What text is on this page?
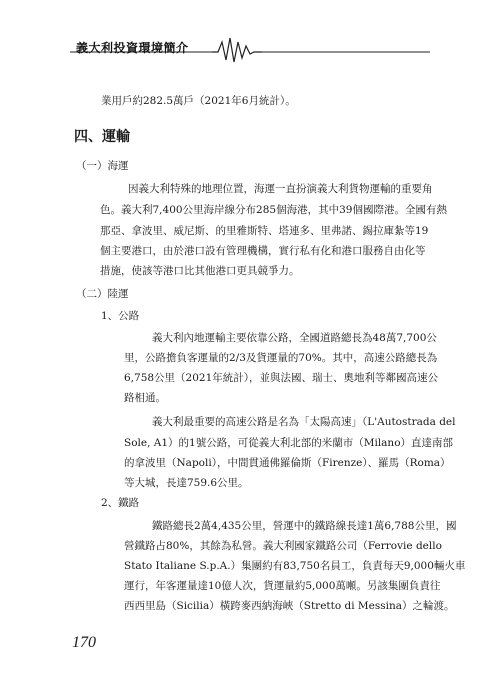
義大利投資環境簡介
業用戶約282.5萬戶（2021年6月統計）。
四、運輸
（一）海運
因義大利特殊的地理位置，海運一直扮演義大利貨物運輸的重要角
色。義大利7,400公里海岸線分布285個海港，其中39個國際港。全國有熱
那亞、拿波里、威尼斯、的里雅斯特、塔連多、里弗諾、錫拉庫紮等19
個主要港口，由於港口設有管理機構，實行私有化和港口服務自由化等
措施，使該等港口比其他港口更具競爭力。
（二）陸運
1、公路
義大利內地運輸主要依靠公路，全國道路總長為48萬7,700公
里，公路擔負客運量的2/3及貨運量的70%。其中，高速公路總長為
6,758公里（2021年統計），並與法國、瑞士、奧地利等鄰國高速公
路相通。
義大利最重要的高速公路是名為「太陽高速」（L'Autostrada del
Sole, A1）的1號公路，可從義大利北部的米蘭市（Milano）直達南部
的拿波里（Napoli），中間貫通佛羅倫斯（Firenze）、羅馬（Roma）
等大城，長達759.6公里。
2、鐵路
鐵路總長2萬4,435公里，營運中的鐵路線長達1萬6,788公里，國
營鐵路占80%，其餘為私營。義大利國家鐵路公司（Ferrovie dello
Stato Italiane S.p.A.）集團約有83,750名員工，負責每天9,000輛火車
運行，年客運量達10億人次，貨運量約5,000萬噸。另該集團負責往
西西里島（Sicilia）橫跨麥西納海峽（Stretto di Messina）之輪渡。
170
